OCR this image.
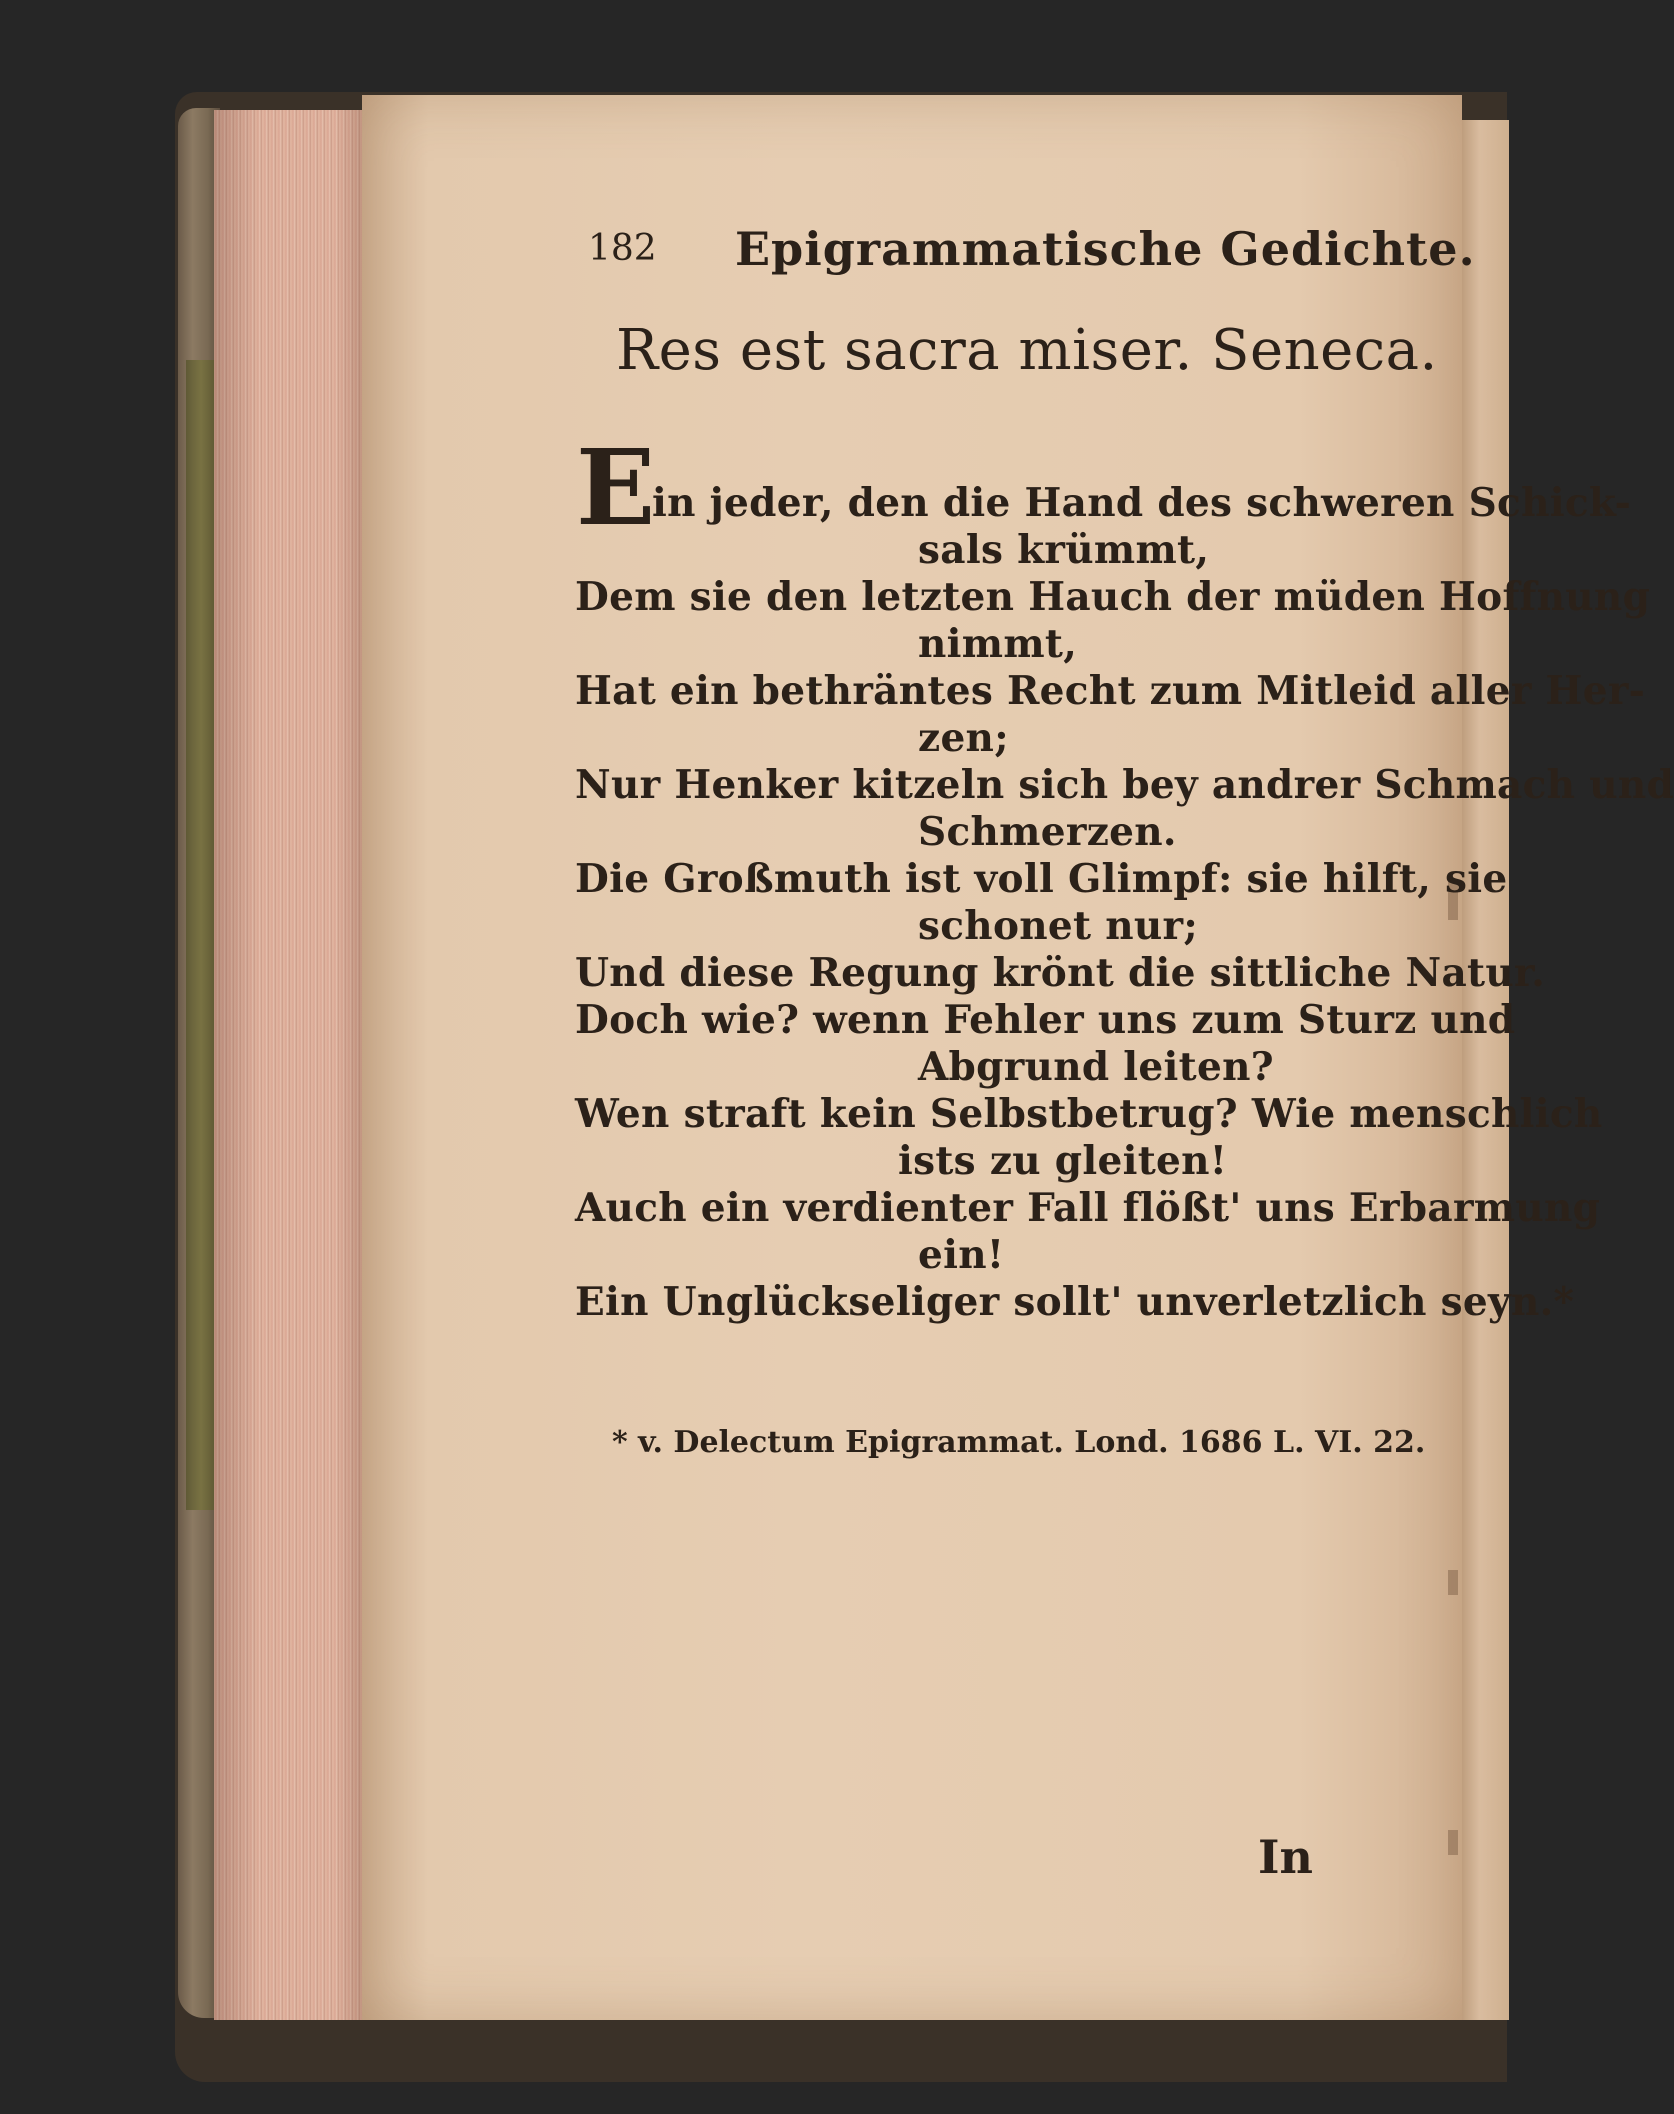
182 Epigrammatische Gedichte.
Res est sacra miser. Seneca.
E
in jeder, den die Hand des schweren Schick-
sals krümmt,
Dem sie den letzten Hauch der müden Hoffnung
nimmt,
Hat ein bethräntes Recht zum Mitleid aller Her-
zen;
Nur Henker kitzeln sich bey andrer Schmach und
Schmerzen.
Die Großmuth ist voll Glimpf: sie hilft, sie
schonet nur;
Und diese Regung krönt die sittliche Natur.
Doch wie? wenn Fehler uns zum Sturz und
Abgrund leiten?
Wen straft kein Selbstbetrug? Wie menschlich
ists zu gleiten!
Auch ein verdienter Fall flößt' uns Erbarmung
ein!
Ein Unglückseliger sollt' unverletzlich seyn.*
* v. Delectum Epigrammat. Lond. 1686 L. VI. 22.
In
